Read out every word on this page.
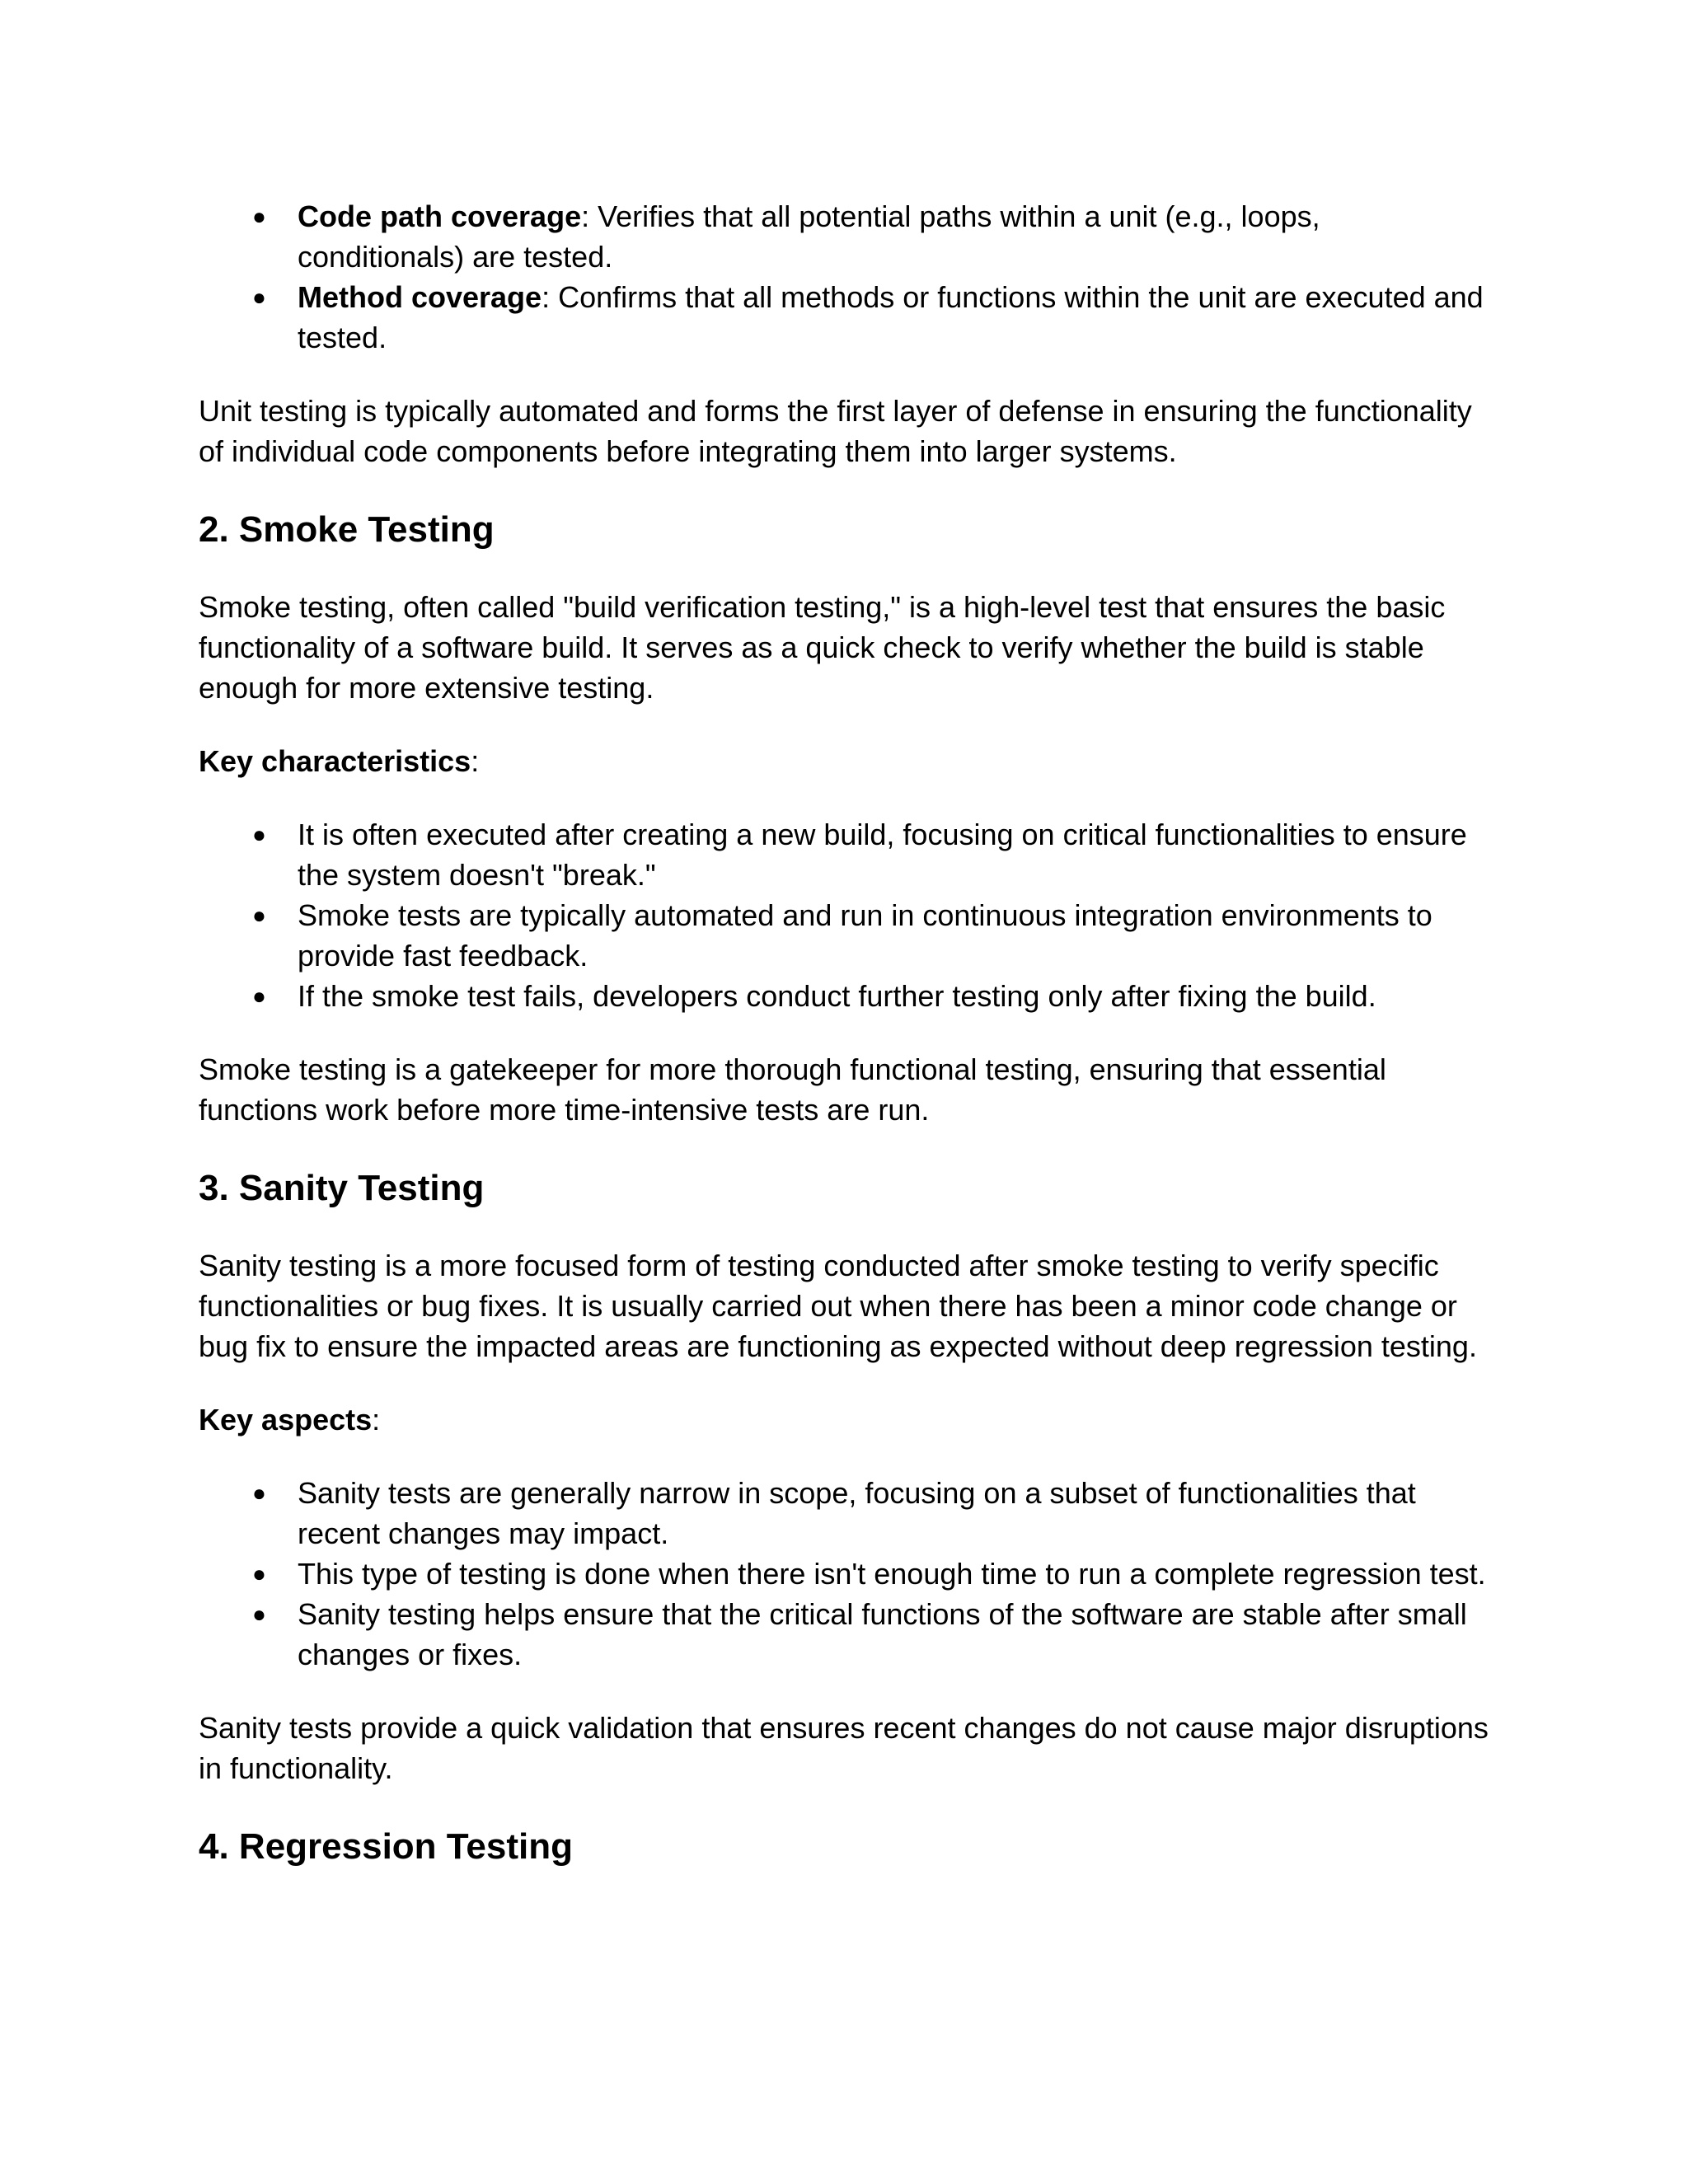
● Code path coverage: Verifies that all potential paths within a unit (e.g., loops, conditionals) are tested.
● Method coverage: Confirms that all methods or functions within the unit are executed and tested.

Unit testing is typically automated and forms the first layer of defense in ensuring the functionality of individual code components before integrating them into larger systems.

2. Smoke Testing

Smoke testing, often called "build verification testing," is a high-level test that ensures the basic functionality of a software build. It serves as a quick check to verify whether the build is stable enough for more extensive testing.

Key characteristics:

● It is often executed after creating a new build, focusing on critical functionalities to ensure the system doesn't "break."
● Smoke tests are typically automated and run in continuous integration environments to provide fast feedback.
● If the smoke test fails, developers conduct further testing only after fixing the build.

Smoke testing is a gatekeeper for more thorough functional testing, ensuring that essential functions work before more time-intensive tests are run.

3. Sanity Testing

Sanity testing is a more focused form of testing conducted after smoke testing to verify specific functionalities or bug fixes. It is usually carried out when there has been a minor code change or bug fix to ensure the impacted areas are functioning as expected without deep regression testing.

Key aspects:

● Sanity tests are generally narrow in scope, focusing on a subset of functionalities that recent changes may impact.
● This type of testing is done when there isn't enough time to run a complete regression test.
● Sanity testing helps ensure that the critical functions of the software are stable after small changes or fixes.

Sanity tests provide a quick validation that ensures recent changes do not cause major disruptions in functionality.

4. Regression Testing
